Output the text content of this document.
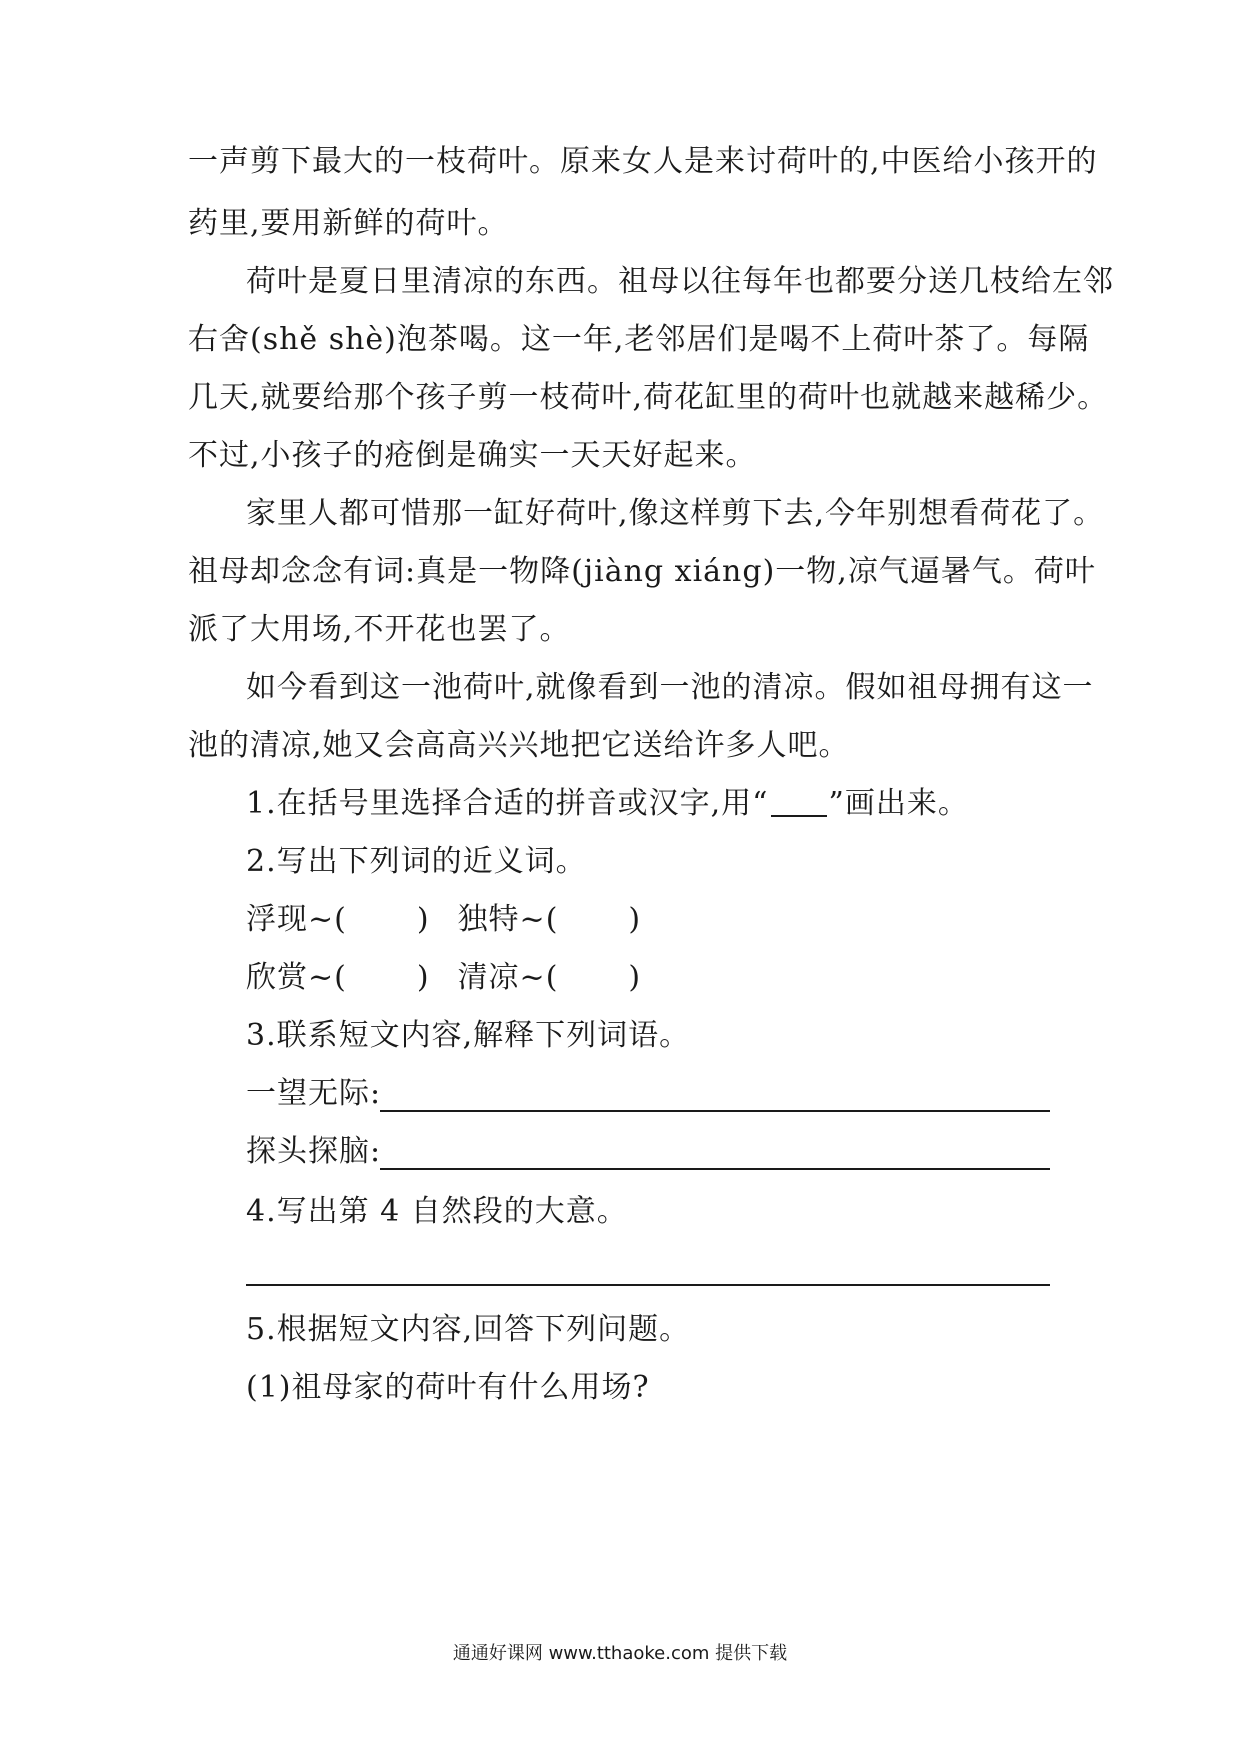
一声剪下最大的一枝荷叶。原来女人是来讨荷叶的,中医给小孩开的
药里,要用新鲜的荷叶。
荷叶是夏日里清凉的东西。祖母以往每年也都要分送几枝给左邻
右舍(shě shè)泡茶喝。这一年,老邻居们是喝不上荷叶茶了。每隔
几天,就要给那个孩子剪一枝荷叶,荷花缸里的荷叶也就越来越稀少。
不过,小孩子的疮倒是确实一天天好起来。
家里人都可惜那一缸好荷叶,像这样剪下去,今年别想看荷花了。
祖母却念念有词:真是一物降(jiàng xiáng)一物,凉气逼暑气。荷叶
派了大用场,不开花也罢了。
如今看到这一池荷叶,就像看到一池的清凉。假如祖母拥有这一
池的清凉,她又会高高兴兴地把它送给许多人吧。
1.在括号里选择合适的拼音或汉字,用“ ”画出来。
2.写出下列词的近义词。
浮现~( ) 独特~( )
欣赏~( ) 清凉~( )
3.联系短文内容,解释下列词语。
一望无际:
探头探脑:
4.写出第 4 自然段的大意。
5.根据短文内容,回答下列问题。
(1)祖母家的荷叶有什么用场?
通通好课网 www.tthaoke.com 提供下载
